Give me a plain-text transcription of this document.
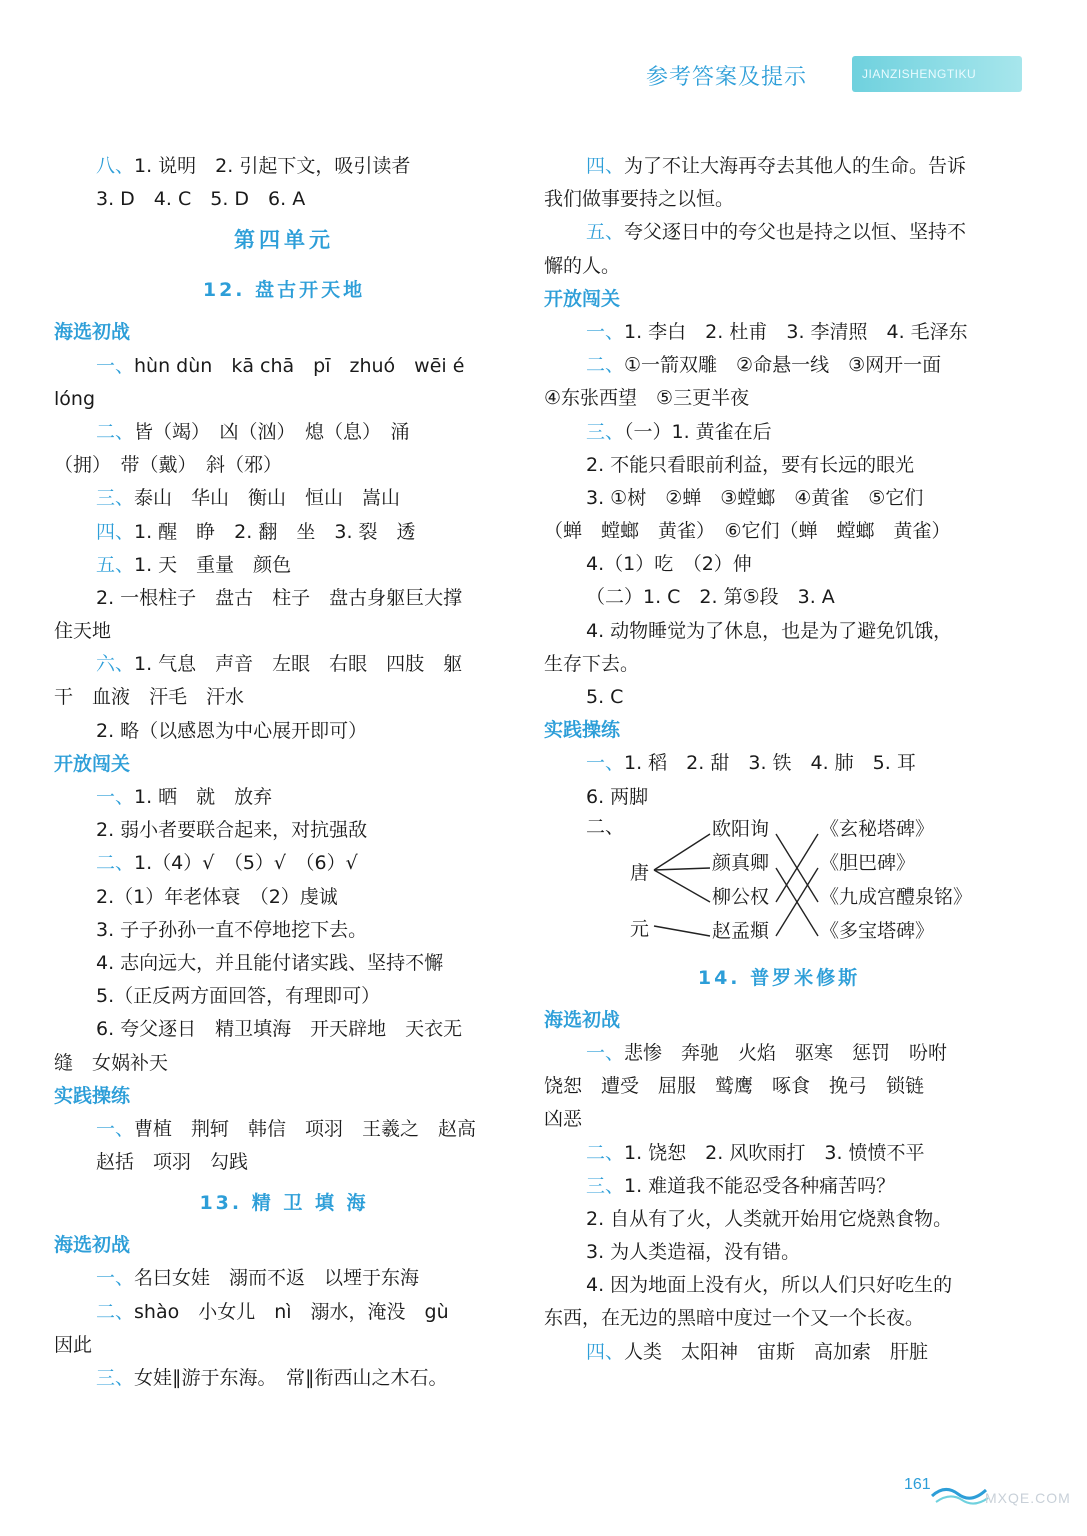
参考答案及提示	JIANZISHENGTIKU
八、1. 说明　2. 引起下文，吸引读者
3. D　4. C　5. D　6. A
第四单元
12. 盘古开天地
海选初战
一、hùn dùn　kā chā　pī　zhuó　wēi é
lóng
二、皆（竭）　凶（汹）　熄（息）　涌
（拥）　带（戴）　斜（邪）
三、泰山　华山　衡山　恒山　嵩山
四、1. 醒　睁　2. 翻　坐　3. 裂　透
五、1. 天　重量　颜色
2. 一根柱子　盘古　柱子　盘古身躯巨大撑
住天地
六、1. 气息　声音　左眼　右眼　四肢　躯
干　血液　汗毛　汗水
2. 略（以感恩为中心展开即可）
开放闯关
一、1. 晒　就　放弃
2. 弱小者要联合起来，对抗强敌
二、1.（4）√　（5）√　（6）√
2.（1）年老体衰　（2）虔诚
3. 子子孙孙一直不停地挖下去。
4. 志向远大，并且能付诸实践、坚持不懈
5.（正反两方面回答，有理即可）
6. 夸父逐日　精卫填海　开天辟地　天衣无
缝　女娲补天
实践操练
一、曹植　荆轲　韩信　项羽　王羲之　赵高
赵括　项羽　勾践
13. 精 卫 填 海
海选初战
一、名曰女娃　溺而不返　以堙于东海
二、shào　小女儿　nì　溺水，淹没　gù
因此
三、女娃∥游于东海。　常∥衔西山之木石。
四、为了不让大海再夺去其他人的生命。告诉
我们做事要持之以恒。
五、夸父逐日中的夸父也是持之以恒、坚持不
懈的人。
开放闯关
一、1. 李白　2. 杜甫　3. 李清照　4. 毛泽东
二、①一箭双雕　②命悬一线　③网开一面
④东张西望　⑤三更半夜
三、（一）1. 黄雀在后
2. 不能只看眼前利益，要有长远的眼光
3. ①树　②蝉　③螳螂　④黄雀　⑤它们
（蝉　螳螂　黄雀）　⑥它们（蝉　螳螂　黄雀）
4.（1）吃　（2）伸
（二）1. C　2. 第⑤段　3. A
4. 动物睡觉为了休息，也是为了避免饥饿，
生存下去。
5. C
实践操练
一、1. 稻　2. 甜　3. 铁　4. 肺　5. 耳
6. 两脚
二、
唐
元
欧阳询
颜真卿
柳公权
赵孟頫
《玄秘塔碑》
《胆巴碑》
《九成宫醴泉铭》
《多宝塔碑》
14. 普罗米修斯
海选初战
一、悲惨　奔驰　火焰　驱寒　惩罚　吩咐
饶恕　遭受　屈服　鹫鹰　啄食　挽弓　锁链
凶恶
二、1. 饶恕　2. 风吹雨打　3. 愤愤不平
三、1. 难道我不能忍受各种痛苦吗？
2. 自从有了火，人类就开始用它烧熟食物。
3. 为人类造福，没有错。
4. 因为地面上没有火，所以人们只好吃生的
东西，在无边的黑暗中度过一个又一个长夜。
四、人类　太阳神　宙斯　高加索　肝脏
161
MXQE.COM
